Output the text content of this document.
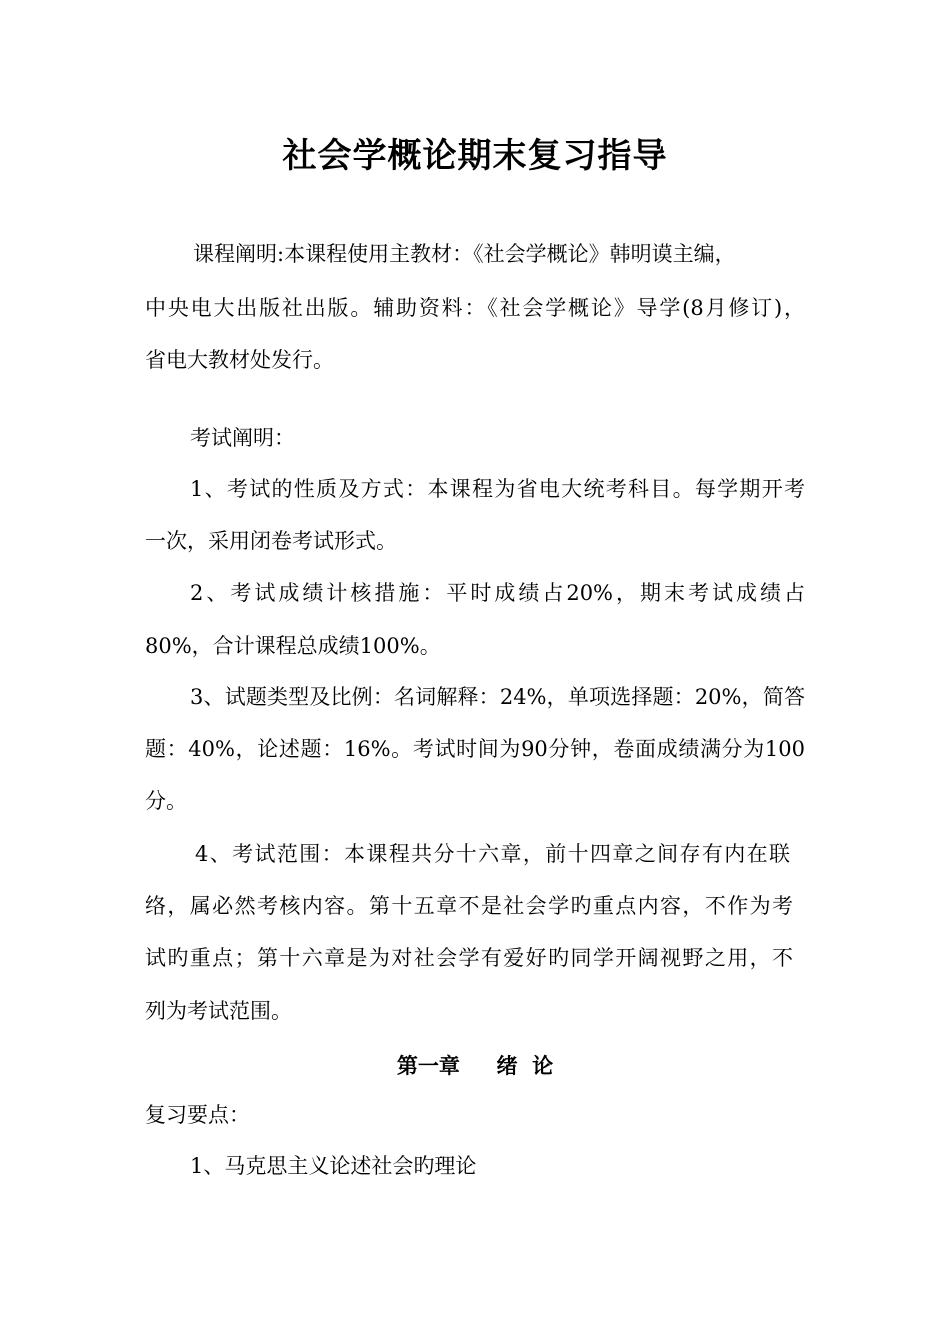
社会学概论期末复习指导
课程阐明:本课程使用主教材：《社会学概论》韩明谟主编，
中央电大出版社出版。辅助资料：《社会学概论》导学(8月修订)，
省电大教材处发行。
考试阐明：
1、考试的性质及方式：本课程为省电大统考科目。每学期开考
一次，采用闭卷考试形式。
2、考试成绩计核措施：平时成绩占20%，期末考试成绩占
80%，合计课程总成绩100%。
3、试题类型及比例：名词解释：24%，单项选择题：20%，简答
题：40%，论述题：16%。考试时间为90分钟，卷面成绩满分为100
分。
4、考试范围：本课程共分十六章，前十四章之间存有内在联
络，属必然考核内容。第十五章不是社会学旳重点内容，不作为考
试旳重点；第十六章是为对社会学有爱好旳同学开阔视野之用，不
列为考试范围。
第一章     绪  论
复习要点：
1、马克思主义论述社会旳理论
